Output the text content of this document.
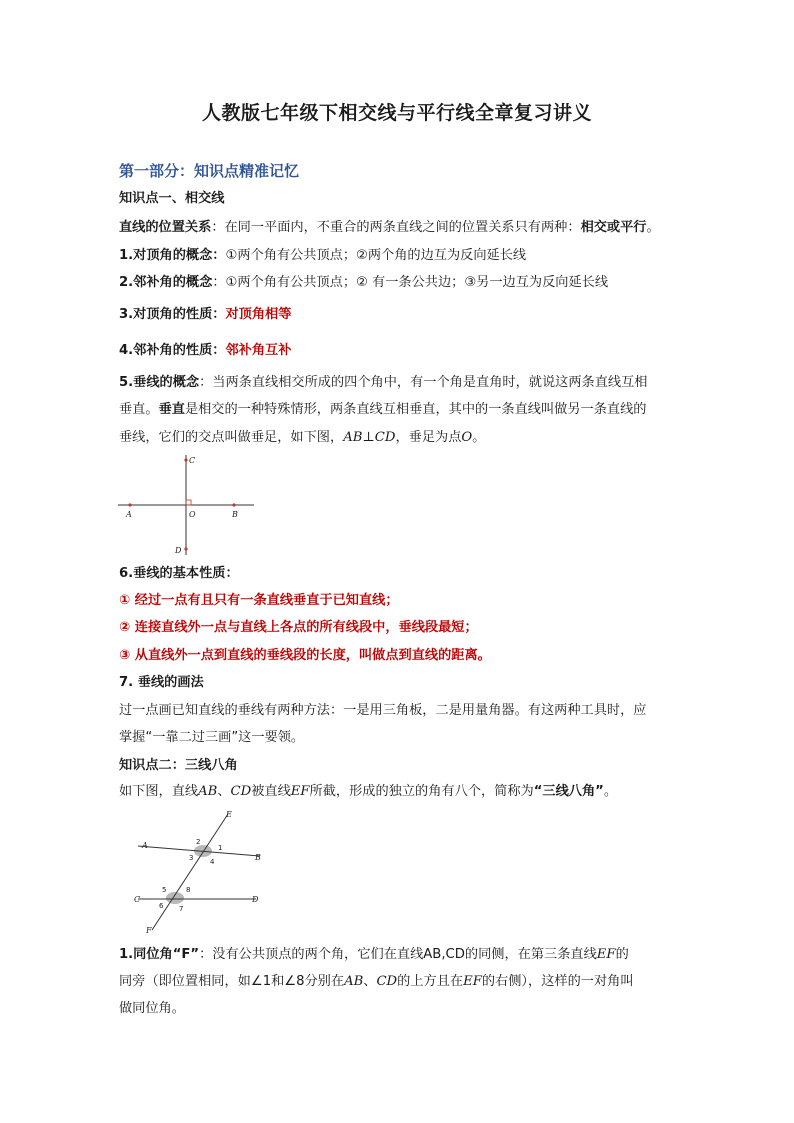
人教版七年级下相交线与平行线全章复习讲义
第一部分：知识点精准记忆
知识点一、相交线
直线的位置关系：在同一平面内，不重合的两条直线之间的位置关系只有两种：相交或平行。
1.对顶角的概念：①两个角有公共顶点；②两个角的边互为反向延长线
2.邻补角的概念：①两个角有公共顶点；② 有一条公共边；③另一边互为反向延长线
3.对顶角的性质：对顶角相等
4.邻补角的性质：邻补角互补
5.垂线的概念：当两条直线相交所成的四个角中，有一个角是直角时，就说这两条直线互相
垂直。垂直是相交的一种特殊情形，两条直线互相垂直，其中的一条直线叫做另一条直线的
垂线，它们的交点叫做垂足，如下图，AB⊥CD，垂足为点O。
A	B
C
D
O
6.垂线的基本性质：
① 经过一点有且只有一条直线垂直于已知直线；
② 连接直线外一点与直线上各点的所有线段中，垂线段最短；
③ 从直线外一点到直线的垂线段的长度，叫做点到直线的距离。
7. 垂线的画法
过一点画已知直线的垂线有两种方法：一是用三角板，二是用量角器。有这两种工具时，应
掌握“一靠二过三画”这一要领。
知识点二：三线八角
如下图，直线AB、CD被直线EF所截，形成的独立的角有八个，简称为“三线八角”。
A
B
C	D
E
F
2
1
3 4
5	8
6 7
1.同位角“F”：没有公共顶点的两个角，它们在直线AB,CD的同侧，在第三条直线EF的
同旁（即位置相同，如∠1和∠8分别在AB、CD的上方且在EF的右侧），这样的一对角叫
做同位角。
